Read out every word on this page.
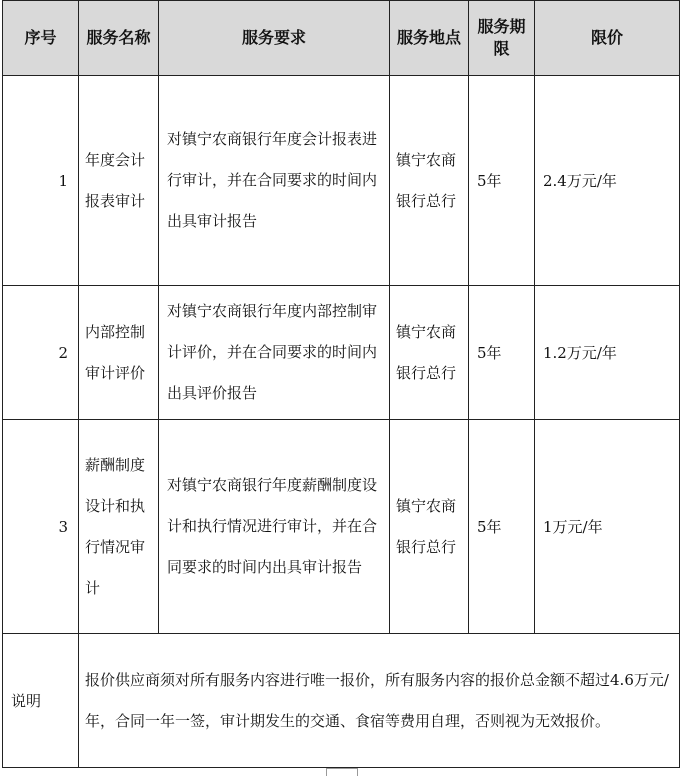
序号	服务名称	服务要求	服务地点	服务期限	限价
1	年度会计报表审计	对镇宁农商银行年度会计报表进行审计，并在合同要求的时间内出具审计报告	镇宁农商银行总行	5年	2.4万元/年
2	内部控制审计评价	对镇宁农商银行年度内部控制审计评价，并在合同要求的时间内出具评价报告	镇宁农商银行总行	5年	1.2万元/年
3	薪酬制度设计和执行情况审计	对镇宁农商银行年度薪酬制度设计和执行情况进行审计，并在合同要求的时间内出具审计报告	镇宁农商银行总行	5年	1万元/年
说明	报价供应商须对所有服务内容进行唯一报价，所有服务内容的报价总金额不超过4.6万元/年，合同一年一签，审计期发生的交通、食宿等费用自理，否则视为无效报价。				
